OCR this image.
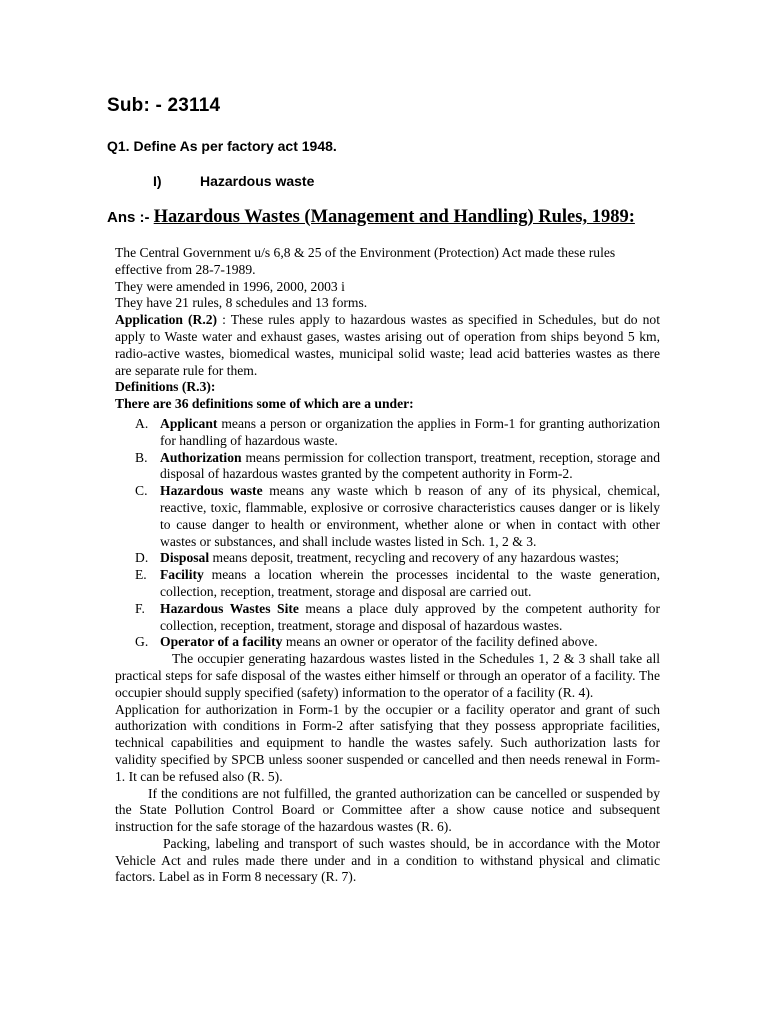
Sub: - 23114
Q1. Define As per factory act 1948.
I)	Hazardous waste
Ans :- Hazardous Wastes (Management and Handling) Rules, 1989:

The Central Government u/s 6,8 & 25 of the Environment (Protection) Act made these rules effective from 28-7-1989.

They were amended in 1996, 2000, 2003 i

They have 21 rules, 8 schedules and 13 forms.

Application (R.2) : These rules apply to hazardous wastes as specified in Schedules, but do not apply to Waste water and exhaust gases, wastes arising out of operation from ships beyond 5 km, radio-active wastes, biomedical wastes, municipal solid waste; lead acid batteries wastes as there are separate rule for them.

Definitions (R.3):

There are 36 definitions some of which are a under:

A. Applicant means a person or organization the applies in Form-1 for granting authorization for handling of hazardous waste.
B. Authorization means permission for collection transport, treatment, reception, storage and disposal of hazardous wastes granted by the competent authority in Form-2.
C. Hazardous waste means any waste which b reason of any of its physical, chemical, reactive, toxic, flammable, explosive or corrosive characteristics causes danger or is likely to cause danger to health or environment, whether alone or when in contact with other wastes or substances, and shall include wastes listed in Sch. 1, 2 & 3.
D. Disposal means deposit, treatment, recycling and recovery of any hazardous wastes;
E. Facility means a location wherein the processes incidental to the waste generation, collection, reception, treatment, storage and disposal are carried out.
F. Hazardous Wastes Site means a place duly approved by the competent authority for collection, reception, treatment, storage and disposal of hazardous wastes.
G. Operator of a facility means an owner or operator of the facility defined above.

The occupier generating hazardous wastes listed in the Schedules 1, 2 & 3 shall take all practical steps for safe disposal of the wastes either himself or through an operator of a facility. The occupier should supply specified (safety) information to the operator of a facility (R. 4).

Application for authorization in Form-1 by the occupier or a facility operator and grant of such authorization with conditions in Form-2 after satisfying that they possess appropriate facilities, technical capabilities and equipment to handle the wastes safely. Such authorization lasts for validity specified by SPCB unless sooner suspended or cancelled and then needs renewal in Form-1. It can be refused also (R. 5).

If the conditions are not fulfilled, the granted authorization can be cancelled or suspended by the State Pollution Control Board or Committee after a show cause notice and subsequent instruction for the safe storage of the hazardous wastes (R. 6).

Packing, labeling and transport of such wastes should, be in accordance with the Motor Vehicle Act and rules made there under and in a condition to withstand physical and climatic factors. Label as in Form 8 necessary (R. 7).
